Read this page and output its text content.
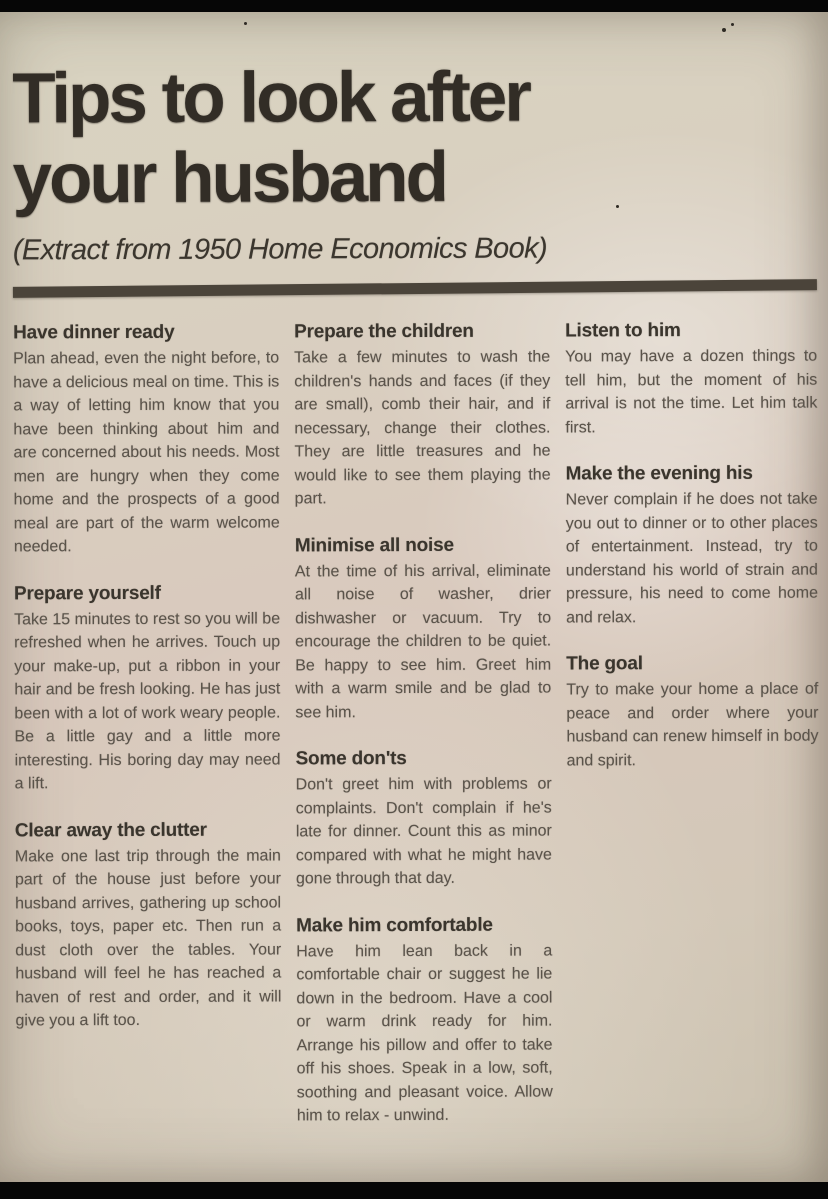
Tips to look after
your husband
(Extract from 1950 Home Economics Book)
Have dinner ready

Plan ahead, even the night before, to have a delicious meal on time. This is a way of letting him know that you have been thinking about him and are concerned about his needs. Most men are hungry when they come home and the prospects of a good meal are part of the warm welcome needed.

Prepare yourself

Take 15 minutes to rest so you will be refreshed when he arrives. Touch up your make-up, put a ribbon in your hair and be fresh looking. He has just been with a lot of work weary people. Be a little gay and a little more interesting. His boring day may need a lift.

Clear away the clutter

Make one last trip through the main part of the house just before your husband arrives, gathering up school books, toys, paper etc. Then run a dust cloth over the tables. Your husband will feel he has reached a haven of rest and order, and it will give you a lift too.

Prepare the children

Take a few minutes to wash the children's hands and faces (if they are small), comb their hair, and if necessary, change their clothes. They are little treasures and he would like to see them playing the part.

Minimise all noise

At the time of his arrival, eliminate all noise of washer, drier dishwasher or vacuum. Try to encourage the children to be quiet. Be happy to see him. Greet him with a warm smile and be glad to see him.

Some don'ts

Don't greet him with problems or complaints. Don't complain if he's late for dinner. Count this as minor compared with what he might have gone through that day.

Make him comfortable

Have him lean back in a comfortable chair or suggest he lie down in the bedroom. Have a cool or warm drink ready for him. Arrange his pillow and offer to take off his shoes. Speak in a low, soft, soothing and pleasant voice. Allow him to relax - unwind.

Listen to him

You may have a dozen things to tell him, but the moment of his arrival is not the time. Let him talk first.

Make the evening his

Never complain if he does not take you out to dinner or to other places of entertainment. Instead, try to understand his world of strain and pressure, his need to come home and relax.

The goal

Try to make your home a place of peace and order where your husband can renew himself in body and spirit.
